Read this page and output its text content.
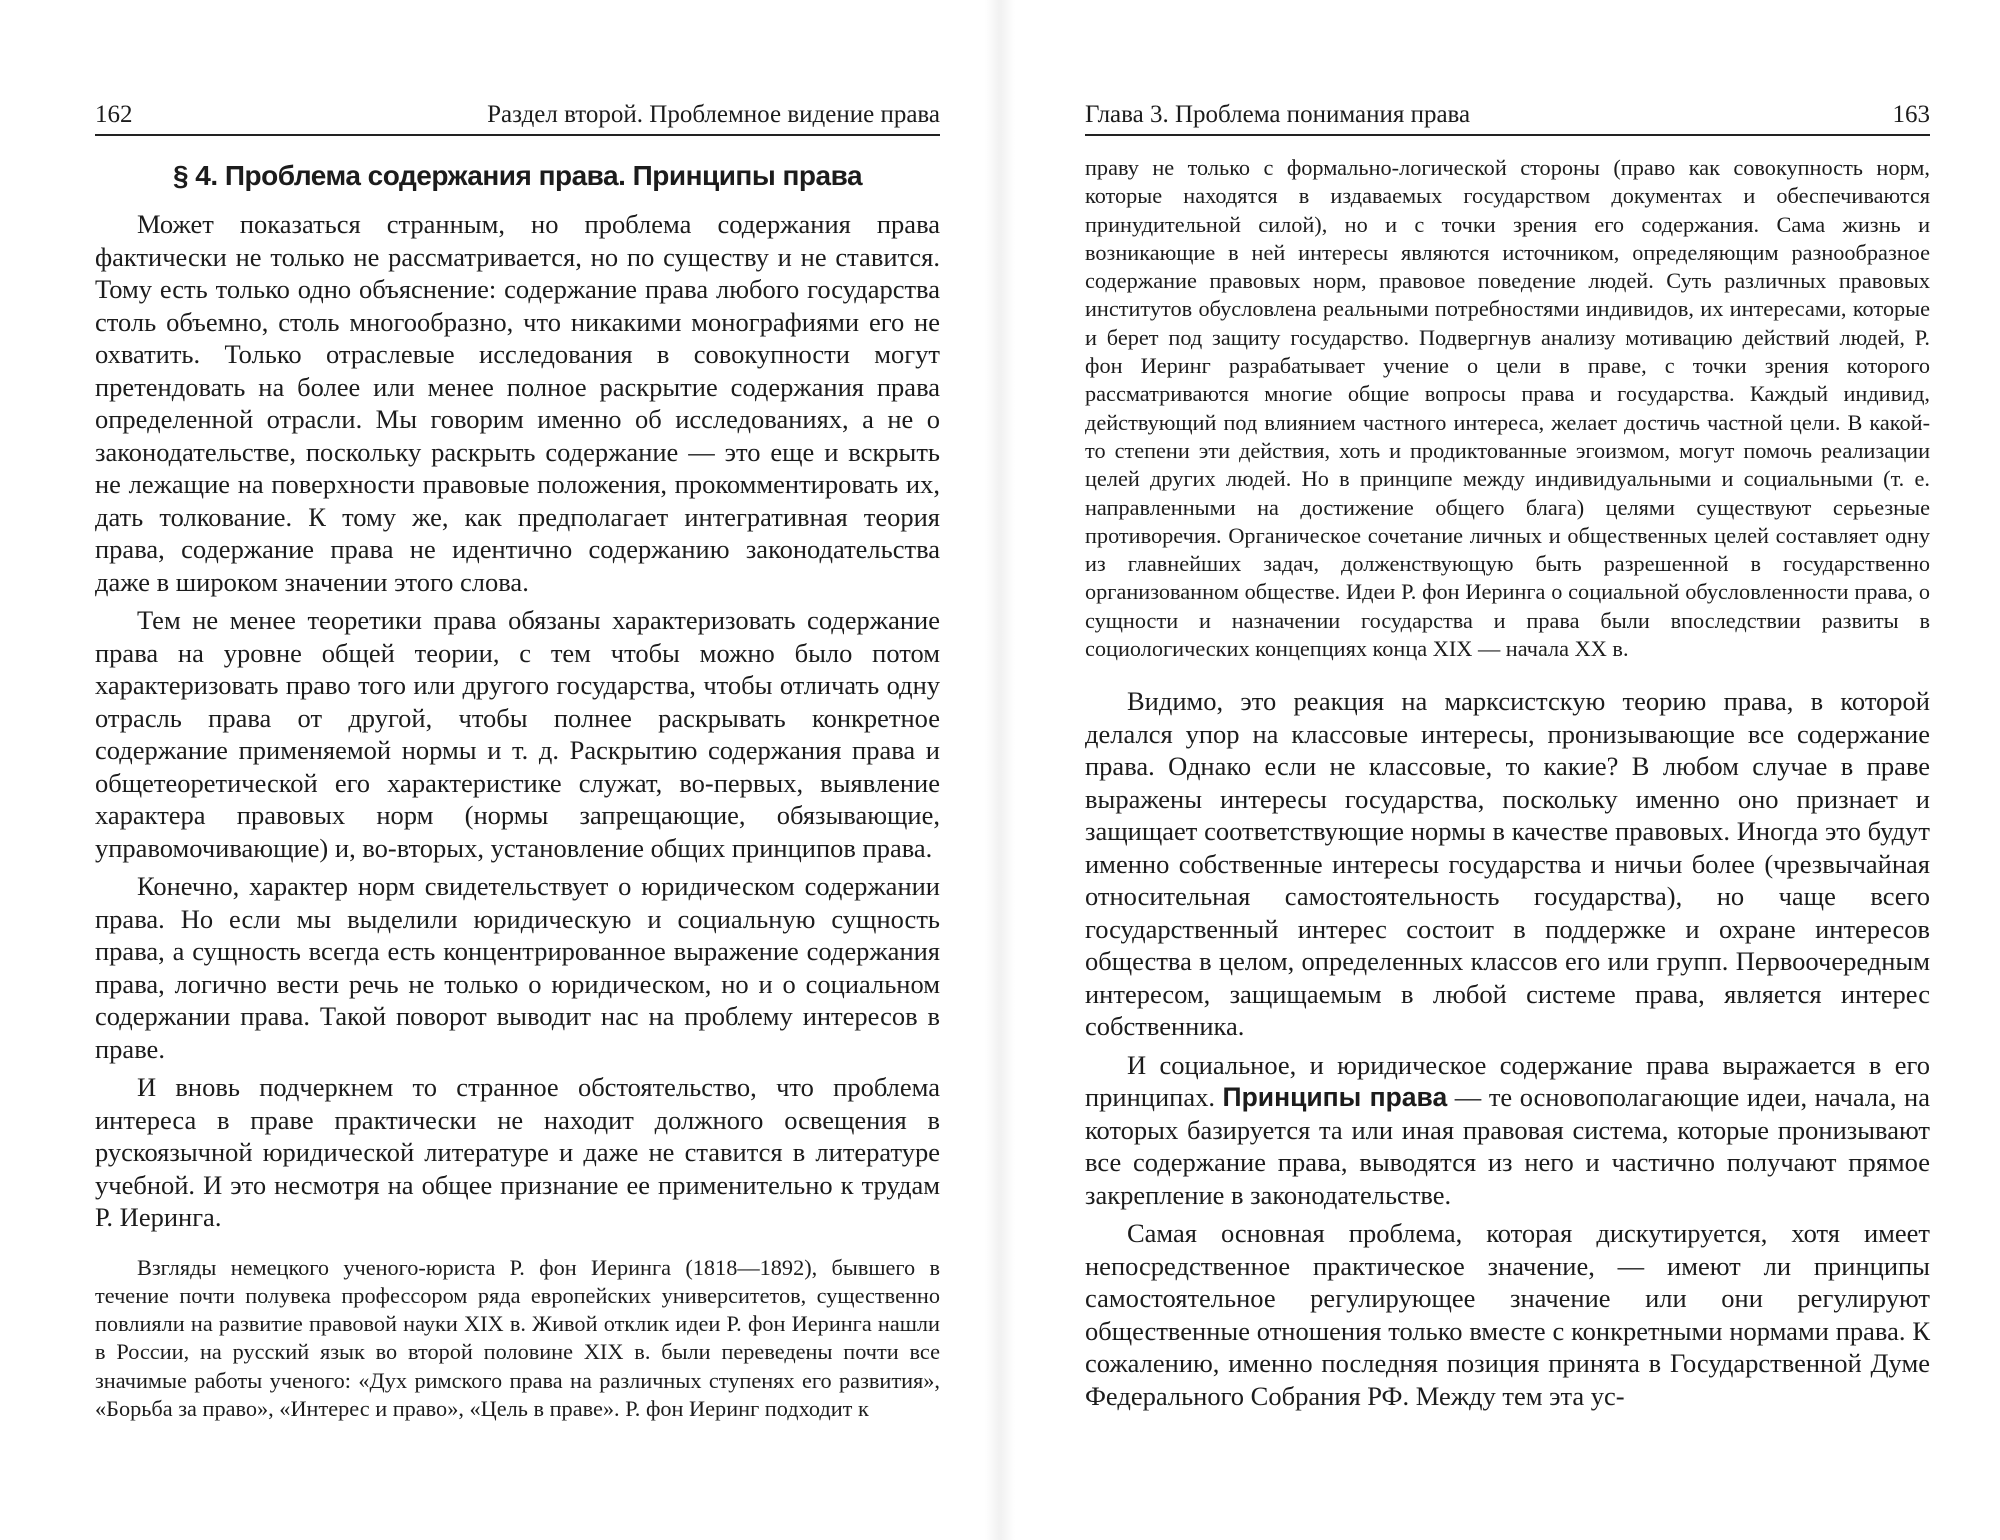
162	Раздел второй. Проблемное видение права
§ 4. Проблема содержания права. Принципы права

Может показаться странным, но проблема содержания права фактически не только не рассматривается, но по существу и не ставится. Тому есть только одно объяснение: содержание права любого государства столь объемно, столь многообразно, что никакими монографиями его не охватить. Только отраслевые исследования в совокупности могут претендовать на более или менее полное раскрытие содержания права определенной отрасли. Мы говорим именно об исследованиях, а не о законодательстве, поскольку раскрыть содержание — это еще и вскрыть не лежащие на поверхности правовые положения, прокомментировать их, дать толкование. К тому же, как предполагает интегративная теория права, содержание права не идентично содержанию законодательства даже в широком значении этого слова.

Тем не менее теоретики права обязаны характеризовать содержание права на уровне общей теории, с тем чтобы можно было потом характеризовать право того или другого государства, чтобы отличать одну отрасль права от другой, чтобы полнее раскрывать конкретное содержание применяемой нормы и т. д. Раскрытию содержания права и общетеоретической его характеристике служат, во-первых, выявление характера правовых норм (нормы запрещающие, обязывающие, управомочивающие) и, во-вторых, установление общих принципов права.

Конечно, характер норм свидетельствует о юридическом содержании права. Но если мы выделили юридическую и социальную сущность права, а сущность всегда есть концентрированное выражение содержания права, логично вести речь не только о юридическом, но и о социальном содержании права. Такой поворот выводит нас на проблему интересов в праве.

И вновь подчеркнем то странное обстоятельство, что проблема интереса в праве практически не находит должного освещения в рускоязычной юридической литературе и даже не ставится в литературе учебной. И это несмотря на общее признание ее применительно к трудам Р. Иеринга.

Взгляды немецкого ученого-юриста Р. фон Иеринга (1818—1892), бывшего в течение почти полувека профессором ряда европейских университетов, существенно повлияли на развитие правовой науки XIX в. Живой отклик идеи Р. фон Иеринга нашли в России, на русский язык во второй половине XIX в. были переведены почти все значимые работы ученого: «Дух римского права на различных ступенях его развития», «Борьба за право», «Интерес и право», «Цель в праве». Р. фон Иеринг подходит к

Глава 3. Проблема понимания права	163

праву не только с формально-логической стороны (право как совокупность норм, которые находятся в издаваемых государством документах и обеспечиваются принудительной силой), но и с точки зрения его содержания. Сама жизнь и возникающие в ней интересы являются источником, определяющим разнообразное содержание правовых норм, правовое поведение людей. Суть различных правовых институтов обусловлена реальными потребностями индивидов, их интересами, которые и берет под защиту государство. Подвергнув анализу мотивацию действий людей, Р. фон Иеринг разрабатывает учение о цели в праве, с точки зрения которого рассматриваются многие общие вопросы права и государства. Каждый индивид, действующий под влиянием частного интереса, желает достичь частной цели. В какой-то степени эти действия, хоть и продиктованные эгоизмом, могут помочь реализации целей других людей. Но в принципе между индивидуальными и социальными (т. е. направленными на достижение общего блага) целями существуют серьезные противоречия. Органическое сочетание личных и общественных целей составляет одну из главнейших задач, долженствующую быть разрешенной в государственно организованном обществе. Идеи Р. фон Иеринга о социальной обусловленности права, о сущности и назначении государства и права были впоследствии развиты в социологических концепциях конца XIX — начала XX в.

Видимо, это реакция на марксистскую теорию права, в которой делался упор на классовые интересы, пронизывающие все содержание права. Однако если не классовые, то какие? В любом случае в праве выражены интересы государства, поскольку именно оно признает и защищает соответствующие нормы в качестве правовых. Иногда это будут именно собственные интересы государства и ничьи более (чрезвычайная относительная самостоятельность государства), но чаще всего государственный интерес состоит в поддержке и охране интересов общества в целом, определенных классов его или групп. Первоочередным интересом, защищаемым в любой системе права, является интерес собственника.

И социальное, и юридическое содержание права выражается в его принципах. Принципы права — те основополагающие идеи, начала, на которых базируется та или иная правовая система, которые пронизывают все содержание права, выводятся из него и частично получают прямое закрепление в законодательстве.

Самая основная проблема, которая дискутируется, хотя имеет непосредственное практическое значение, — имеют ли принципы самостоятельное регулирующее значение или они регулируют общественные отношения только вместе с конкретными нормами права. К сожалению, именно последняя позиция принята в Государственной Думе Федерального Собрания РФ. Между тем эта ус-
